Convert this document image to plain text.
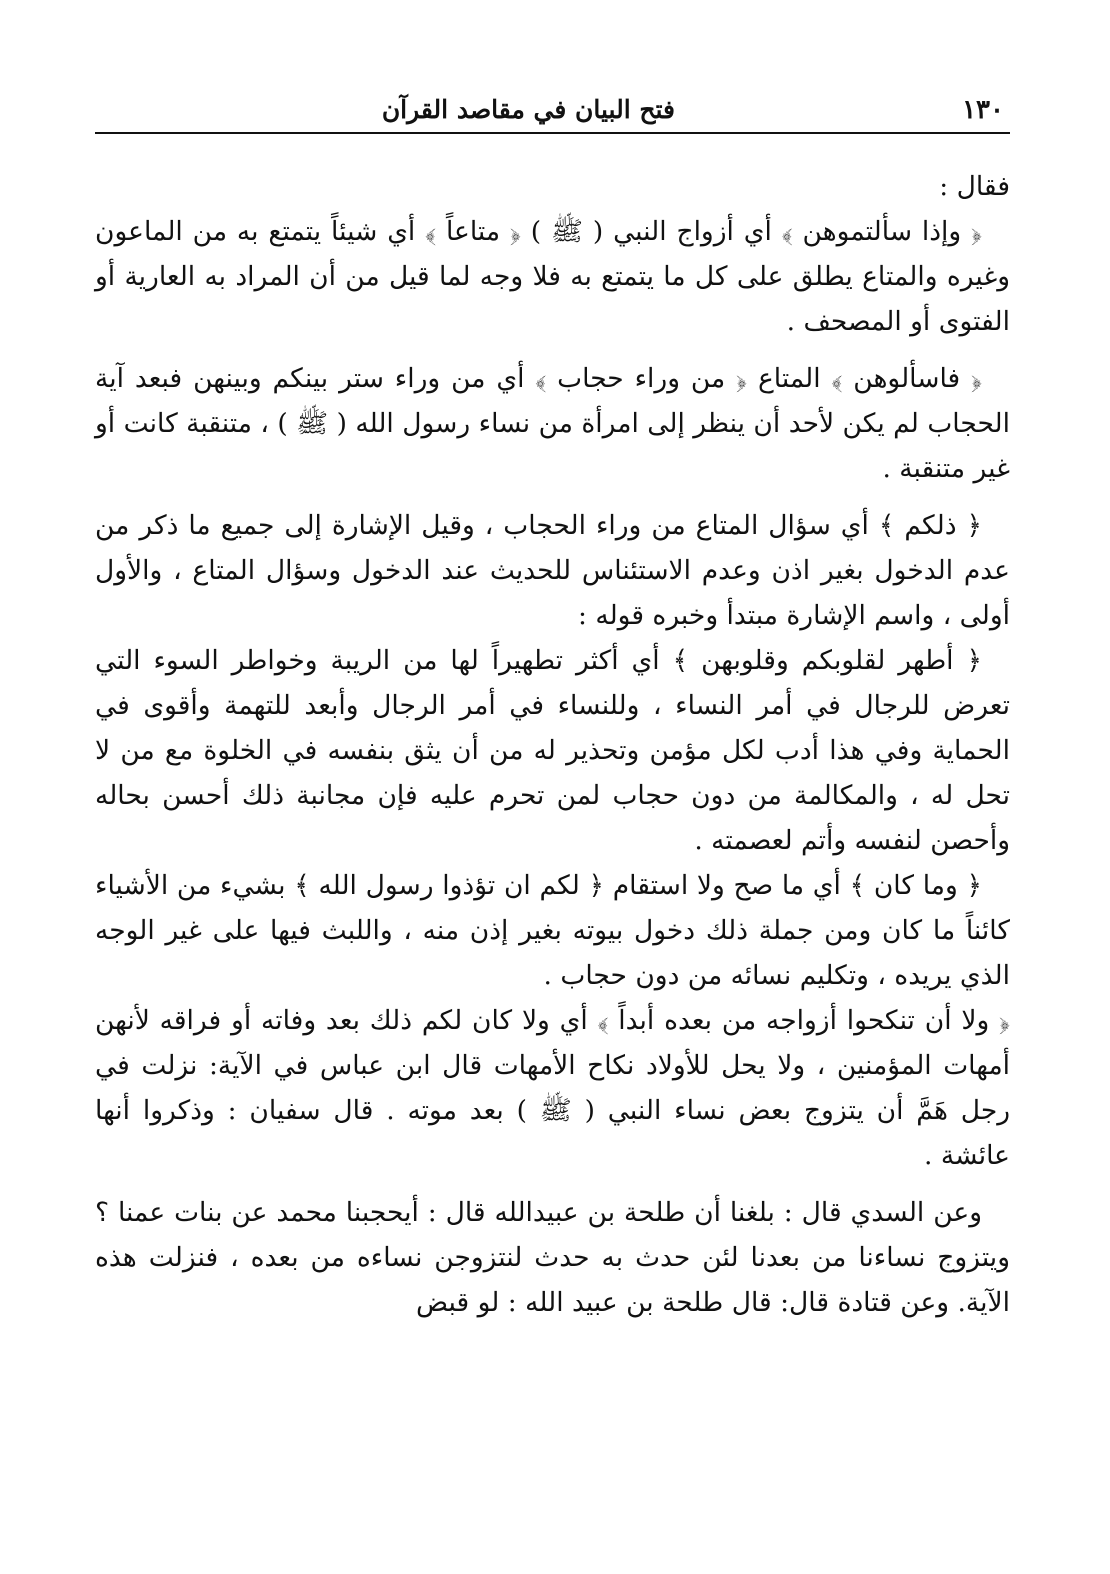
١٣٠
فتح البيان في مقاصد القرآن

فقال :

﴿ وإذا سألتموهن ﴾ أي أزواج النبي ( ﷺ ) ﴿ متاعاً ﴾ أي شيئاً يتمتع به من الماعون وغيره والمتاع يطلق على كل ما يتمتع به فلا وجه لما قيل من أن المراد به العارية أو الفتوى أو المصحف .

﴿ فاسألوهن ﴾ المتاع ﴿ من وراء حجاب ﴾ أي من وراء ستر بينكم وبينهن فبعد آية الحجاب لم يكن لأحد أن ينظر إلى امرأة من نساء رسول الله ( ﷺ ) ، متنقبة كانت أو غير متنقبة .

﴿ ذلكم ﴾ أي سؤال المتاع من وراء الحجاب ، وقيل الإشارة إلى جميع ما ذكر من عدم الدخول بغير اذن وعدم الاستئناس للحديث عند الدخول وسؤال المتاع ، والأول أولى ، واسم الإشارة مبتدأ وخبره قوله :

﴿ أطهر لقلوبكم وقلوبهن ﴾ أي أكثر تطهيراً لها من الريبة وخواطر السوء التي تعرض للرجال في أمر النساء ، وللنساء في أمر الرجال وأبعد للتهمة وأقوى في الحماية وفي هذا أدب لكل مؤمن وتحذير له من أن يثق بنفسه في الخلوة مع من لا تحل له ، والمكالمة من دون حجاب لمن تحرم عليه فإن مجانبة ذلك أحسن بحاله وأحصن لنفسه وأتم لعصمته .

﴿ وما كان ﴾ أي ما صح ولا استقام ﴿ لكم ان تؤذوا رسول الله ﴾ بشيء من الأشياء كائناً ما كان ومن جملة ذلك دخول بيوته بغير إذن منه ، واللبث فيها على غير الوجه الذي يريده ، وتكليم نسائه من دون حجاب .

﴿ ولا أن تنكحوا أزواجه من بعده أبداً ﴾ أي ولا كان لكم ذلك بعد وفاته أو فراقه لأنهن أمهات المؤمنين ، ولا يحل للأولاد نكاح الأمهات قال ابن عباس في الآية: نزلت في رجل هَمَّ أن يتزوج بعض نساء النبي ( ﷺ ) بعد موته . قال سفيان : وذكروا أنها عائشة .

وعن السدي قال : بلغنا أن طلحة بن عبيدالله قال : أيحجبنا محمد عن بنات عمنا ؟ ويتزوج نساءنا من بعدنا لئن حدث به حدث لنتزوجن نساءه من بعده ، فنزلت هذه الآية. وعن قتادة قال: قال طلحة بن عبيد الله : لو قبض
